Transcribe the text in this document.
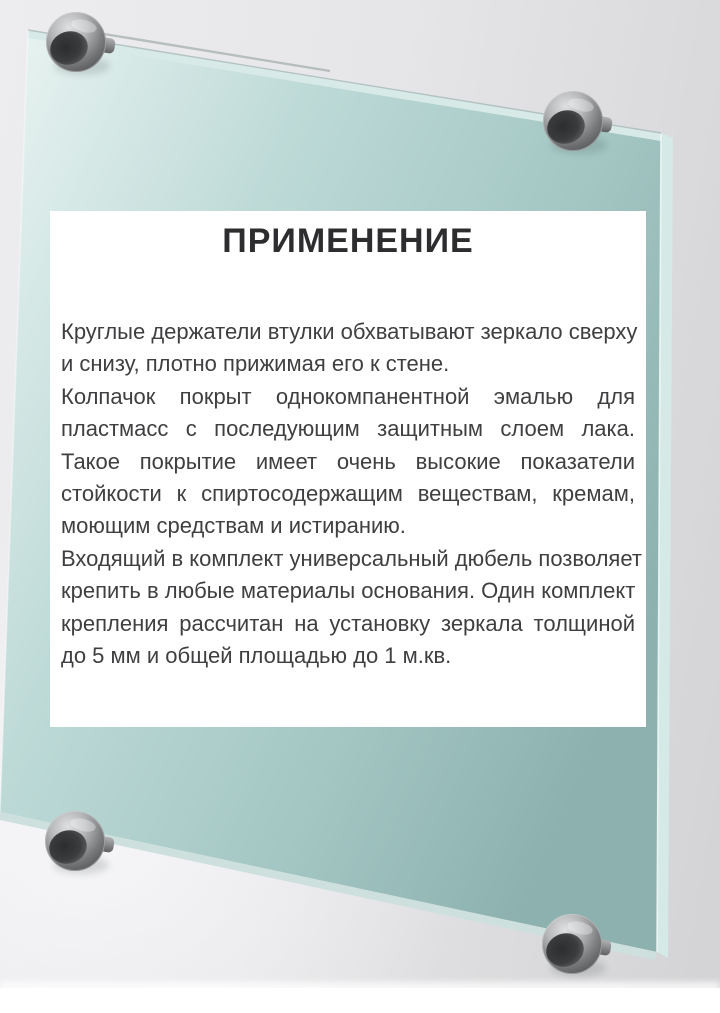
ПРИМЕНЕНИЕ
Круглые держатели втулки обхватывают зеркало сверху
и снизу, плотно прижимая его к стене.
Колпачок покрыт однокомпанентной эмалью для
пластмасс с последующим защитным слоем лака.
Такое покрытие имеет очень высокие показатели
стойкости к спиртосодержащим веществам, кремам,
моющим средствам и истиранию.
Входящий в комплект универсальный дюбель позволяет
крепить в любые материалы основания. Один комплект
крепления рассчитан на установку зеркала толщиной
до 5 мм и общей площадью до 1 м.кв.
